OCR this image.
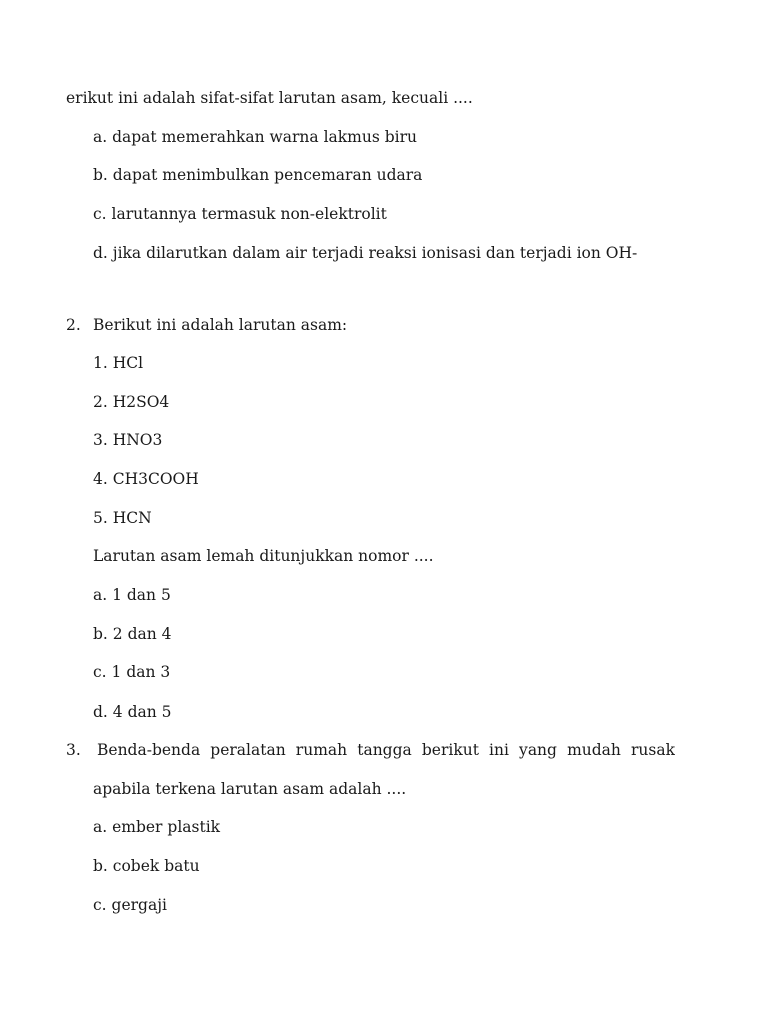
erikut ini adalah sifat-sifat larutan asam, kecuali ....
a. dapat memerahkan warna lakmus biru
b. dapat menimbulkan pencemaran udara
c. larutannya termasuk non-elektrolit
d. jika dilarutkan dalam air terjadi reaksi ionisasi dan terjadi ion OH-
2. Berikut ini adalah larutan asam:
1. HCl
2. H2SO4
3. HNO3
4. CH3COOH
5. HCN
Larutan asam lemah ditunjukkan nomor ....
a. 1 dan 5
b. 2 dan 4
c. 1 dan 3
d. 4 dan 5
3. Benda-benda peralatan rumah tangga berikut ini yang mudah rusak
apabila terkena larutan asam adalah ....
a. ember plastik
b. cobek batu
c. gergaji
